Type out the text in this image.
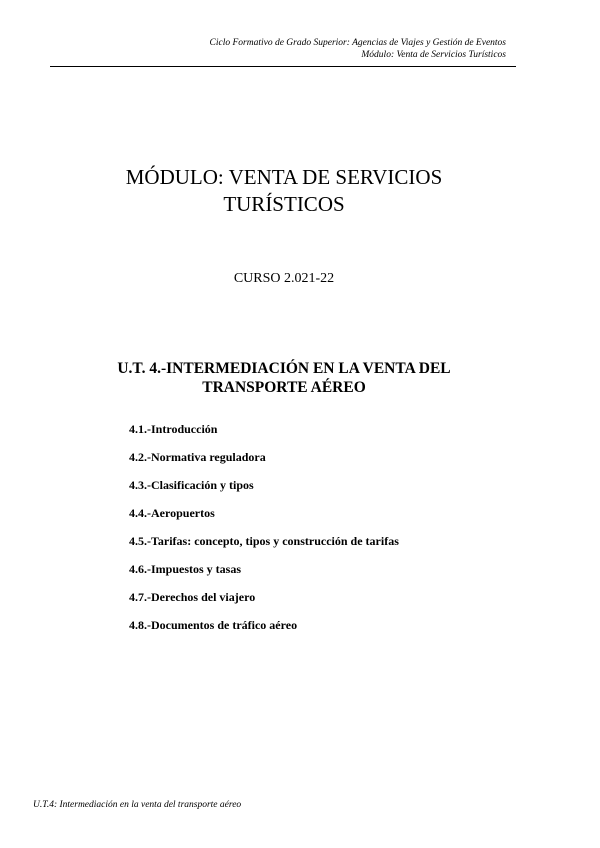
Ciclo Formativo de Grado Superior: Agencias de Viajes y Gestión de Eventos
Módulo: Venta de Servicios Turísticos
MÓDULO: VENTA DE SERVICIOS
TURÍSTICOS

CURSO 2.021-22

U.T. 4.-INTERMEDIACIÓN EN LA VENTA DEL
TRANSPORTE AÉREO
4.1.-Introducción
4.2.-Normativa reguladora
4.3.-Clasificación y tipos
4.4.-Aeropuertos
4.5.-Tarifas: concepto, tipos y construcción de tarifas
4.6.-Impuestos y tasas
4.7.-Derechos del viajero
4.8.-Documentos de tráfico aéreo
U.T.4: Intermediación en la venta del transporte aéreo
